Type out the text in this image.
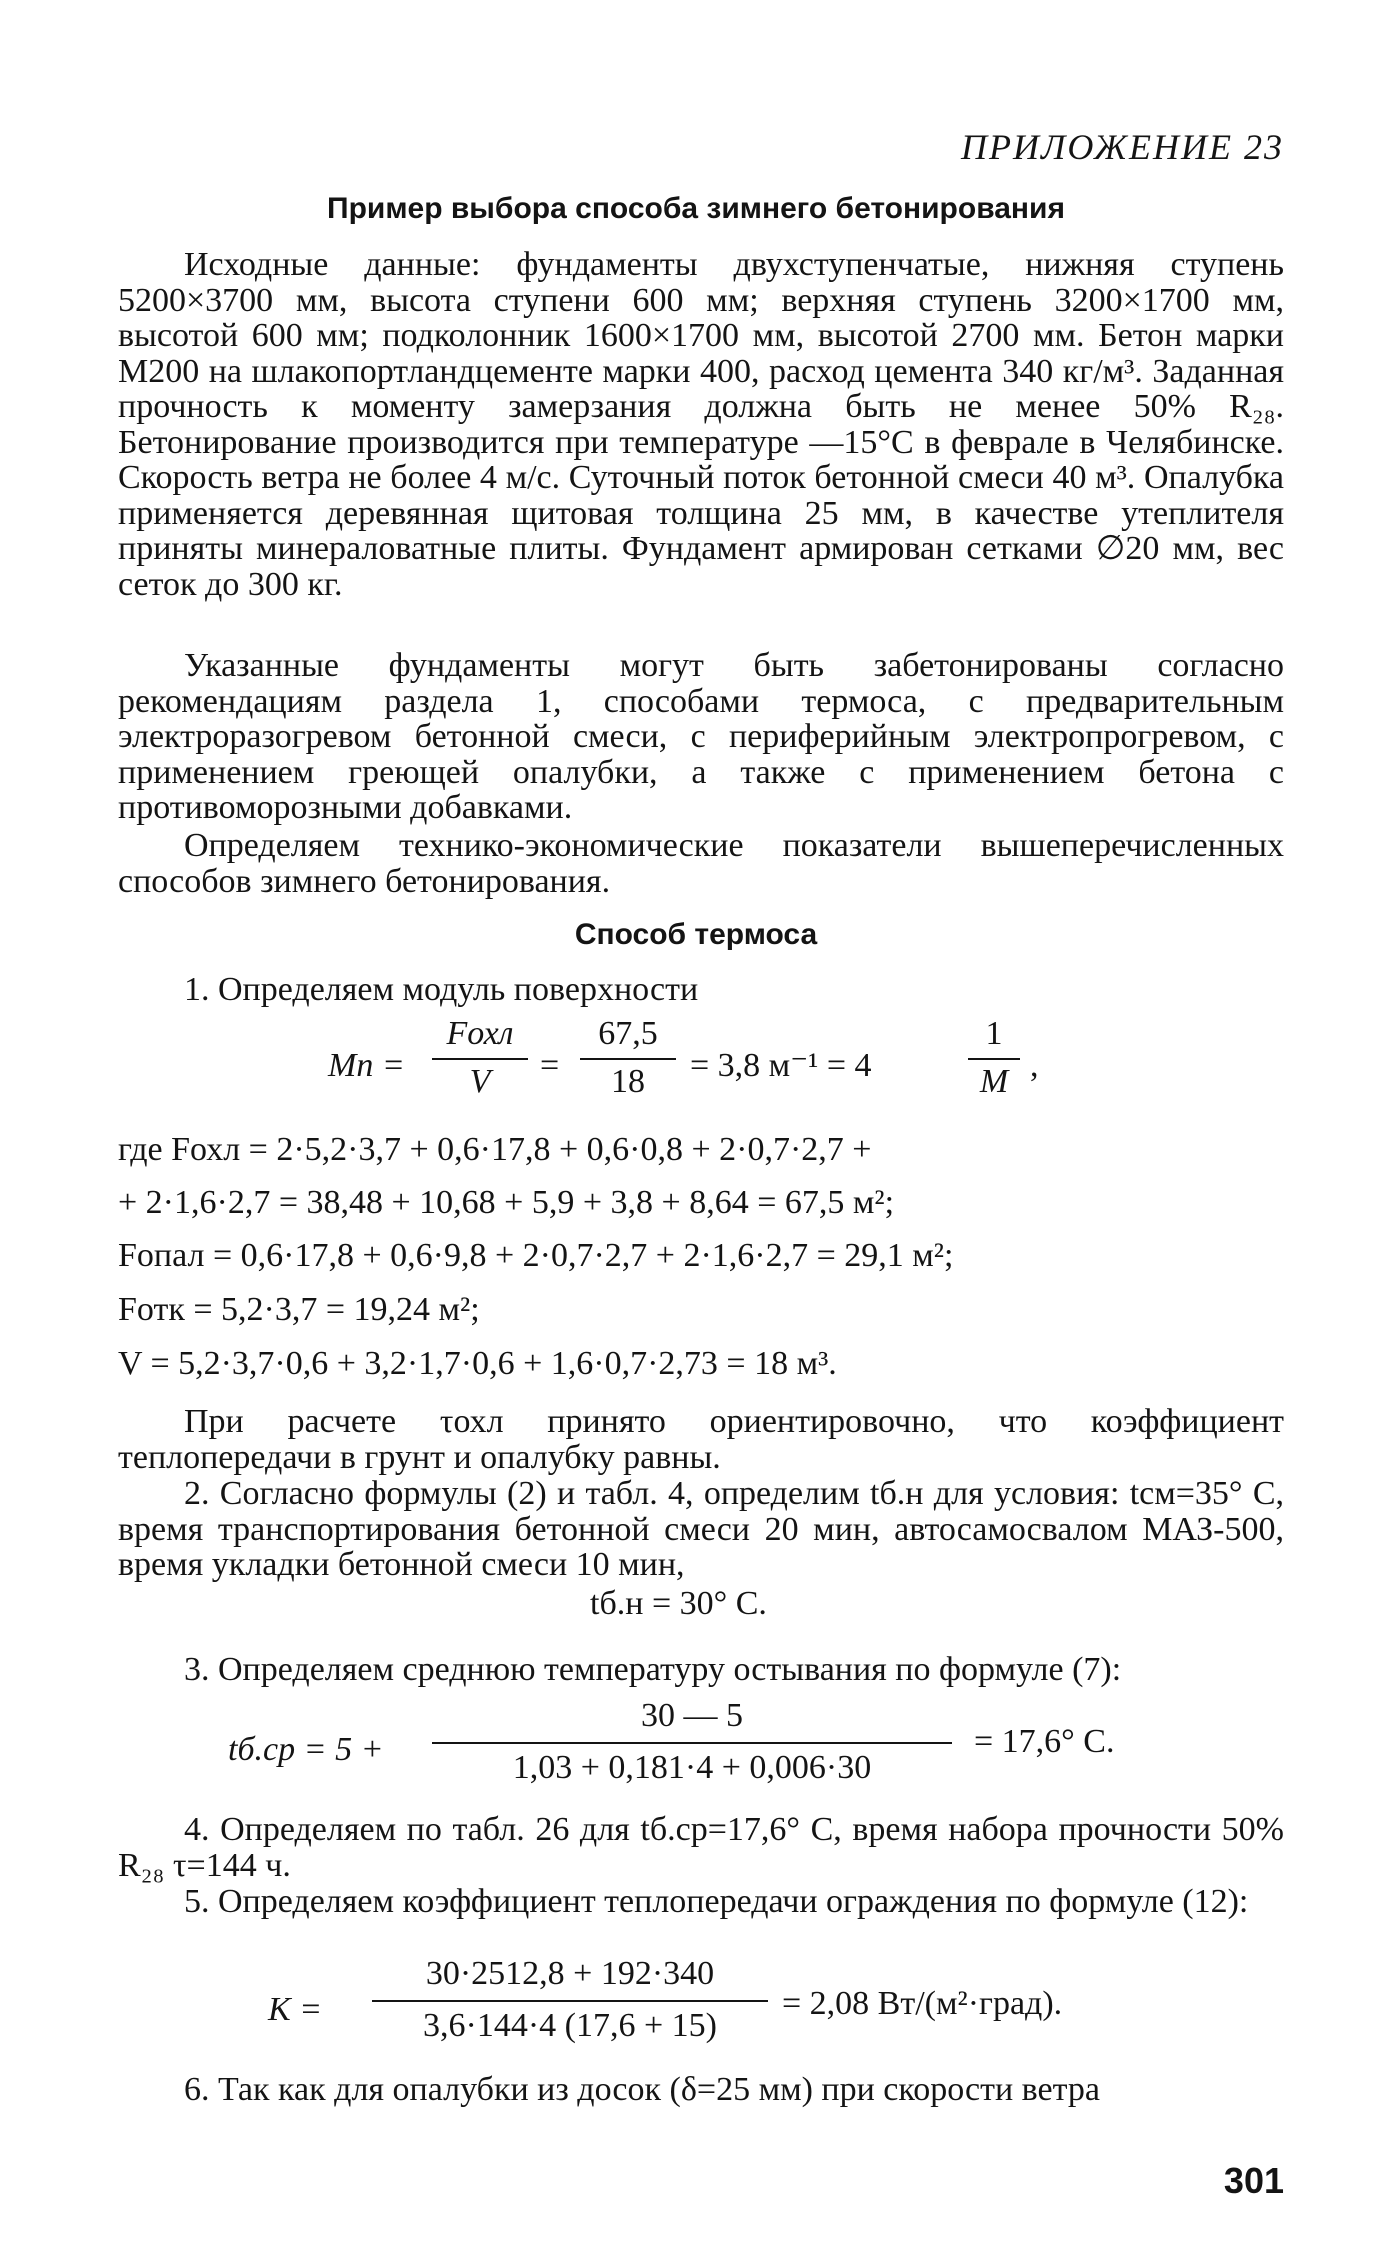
ПРИЛОЖЕНИЕ 23
Пример выбора способа зимнего бетонирования
Исходные данные: фундаменты двухступенчатые, нижняя ступень 5200×3700 мм, высота ступени 600 мм; верхняя ступень 3200×1700 мм, высотой 600 мм; подколонник 1600×1700 мм, высотой 2700 мм. Бетон марки М200 на шлакопортландцементе марки 400, расход цемента 340 кг/м³. Заданная прочность к моменту замерзания должна быть не менее 50% R₂₈. Бетонирование производится при температуре —15°С в феврале в Челябинске. Скорость ветра не более 4 м/с. Суточный поток бетонной смеси 40 м³. Опалубка применяется деревянная щитовая толщина 25 мм, в качестве утеплителя приняты минераловатные плиты. Фундамент армирован сетками ∅20 мм, вес сеток до 300 кг.
Указанные фундаменты могут быть забетонированы согласно рекомендациям раздела 1, способами термоса, с предварительным электроразогревом бетонной смеси, с периферийным электропрогревом, с применением греющей опалубки, а также с применением бетона с противоморозными добавками.
Определяем технико-экономические показатели вышеперечисленных способов зимнего бетонирования.
Способ термоса
1. Определяем модуль поверхности
Mп =
Fохл
V	=
67,5
18	= 3,8 м⁻¹ = 4
1
M ,
где Fохл = 2·5,2·3,7 + 0,6·17,8 + 0,6·0,8 + 2·0,7·2,7 +
+ 2·1,6·2,7 = 38,48 + 10,68 + 5,9 + 3,8 + 8,64 = 67,5 м²;
Fопал = 0,6·17,8 + 0,6·9,8 + 2·0,7·2,7 + 2·1,6·2,7 = 29,1 м²;
Fотк = 5,2·3,7 = 19,24 м²;
V = 5,2·3,7·0,6 + 3,2·1,7·0,6 + 1,6·0,7·2,73 = 18 м³.
При расчете τохл принято ориентировочно, что коэффициент теплопередачи в грунт и опалубку равны.
2. Согласно формулы (2) и табл. 4, определим tб.н для условия: tсм=35° С, время транспортирования бетонной смеси 20 мин, автосамосвалом МАЗ-500, время укладки бетонной смеси 10 мин,
tб.н = 30° С.
3. Определяем среднюю температуру остывания по формуле (7):
tб.ср = 5 +
30 — 5
1,03 + 0,181·4 + 0,006·30
= 17,6° С.
4. Определяем по табл. 26 для tб.ср=17,6° С, время набора прочности 50% R₂₈ τ=144 ч.
5. Определяем коэффициент теплопередачи ограждения по формуле (12):
K =
30·2512,8 + 192·340
3,6·144·4 (17,6 + 15)
= 2,08 Вт/(м²·град).
6. Так как для опалубки из досок (δ=25 мм) при скорости ветра
301
